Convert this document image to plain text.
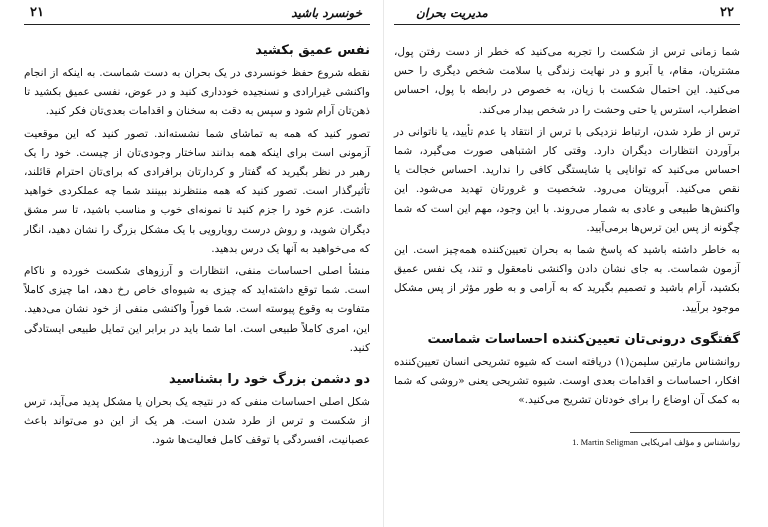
۲۱	خونسرد باشید
نفس عمیق بکشید

نقطه شروع حفظ خونسردی در یک بحران به دست شماست. به اینکه از انجام واکنشی غیرارادی و نسنجیده خودداری کنید و در عوض، نفسی عمیق بکشید تا ذهن‌تان آرام شود و سپس به دقت به سخنان و اقدامات بعدی‌تان فکر کنید.

تصور کنید که همه به تماشای شما نشسته‌اند. تصور کنید که این موقعیت آزمونی است برای اینکه همه بدانند ساختار وجودی‌تان از چیست. خود را یک رهبر در نظر بگیرید که گفتار و کردارتان برافرادی که برای‌تان احترام قائلند، تأثیرگذار است. تصور کنید که همه منتظرند ببینند شما چه عملکردی خواهید داشت. عزم خود را جزم کنید تا نمونه‌ای خوب و مناسب باشید، تا سر مشق دیگران شوید، و روش درست رویارویی با یک مشکل بزرگ را نشان دهید، انگار که می‌خواهید به آنها یک درس بدهید.

منشأ اصلی احساسات منفی، انتظارات و آرزوهای شکست خورده و ناکام است. شما توقع داشته‌اید که چیزی به شیوه‌ای خاص رخ دهد، اما چیزی کاملاً متفاوت به وقوع پیوسته است. شما فوراً واکنشی منفی از خود نشان می‌دهید. این، امری کاملاً طبیعی است. اما شما باید در برابر این تمایل طبیعی ایستادگی کنید.

دو دشمن بزرگ خود را بشناسید

شکل اصلی احساسات منفی که در نتیجه یک بحران یا مشکل پدید می‌آید، ترس از شکست و ترس از طرد شدن است. هر یک از این دو می‌تواند باعث عصبانیت، افسردگی یا توقف کامل فعالیت‌ها شود.

۲۲
مدیریت بحران

شما زمانی ترس از شکست را تجربه می‌کنید که خطر از دست رفتن پول، مشتریان، مقام، یا آبرو و در نهایت زندگی یا سلامت شخص دیگری را حس می‌کنید. این احتمال شکست با زیان، به خصوص در رابطه با پول، احساس اضطراب، استرس یا حتی وحشت را در شخص بیدار می‌کند.

ترس از طرد شدن، ارتباط نزدیکی با ترس از انتقاد یا عدم تأیید، یا ناتوانی در برآوردن انتظارات دیگران دارد. وقتی کار اشتباهی صورت می‌گیرد، شما احساس می‌کنید که توانایی یا شایستگی کافی را ندارید. احساس خجالت یا نقص می‌کنید. آبرویتان می‌رود. شخصیت و غرورتان تهدید می‌شود. این واکنش‌ها طبیعی و عادی به شمار می‌روند. با این وجود، مهم این است که شما چگونه از پس این ترس‌ها برمی‌آیید.

به خاطر داشته باشید که پاسخ شما به بحران تعیین‌کننده همه‌چیز است. این آزمون شماست. به جای نشان دادن واکنشی نامعقول و تند، یک نفس عمیق بکشید، آرام باشید و تصمیم بگیرید که به آرامی و به طور مؤثر از پس مشکل موجود برآیید.

گفتگوی درونی‌تان تعیین‌کننده احساسات شماست

روانشناس مارتین سلیمن(۱) دریافته است که شیوه تشریحی انسان تعیین‌کننده افکار، احساسات و اقدامات بعدی اوست. شیوه تشریحی یعنی «روشی که شما به کمک آن اوضاع را برای خودتان تشریح می‌کنید.»

روانشناس و مؤلف امریکایی 1. Martin Seligman
